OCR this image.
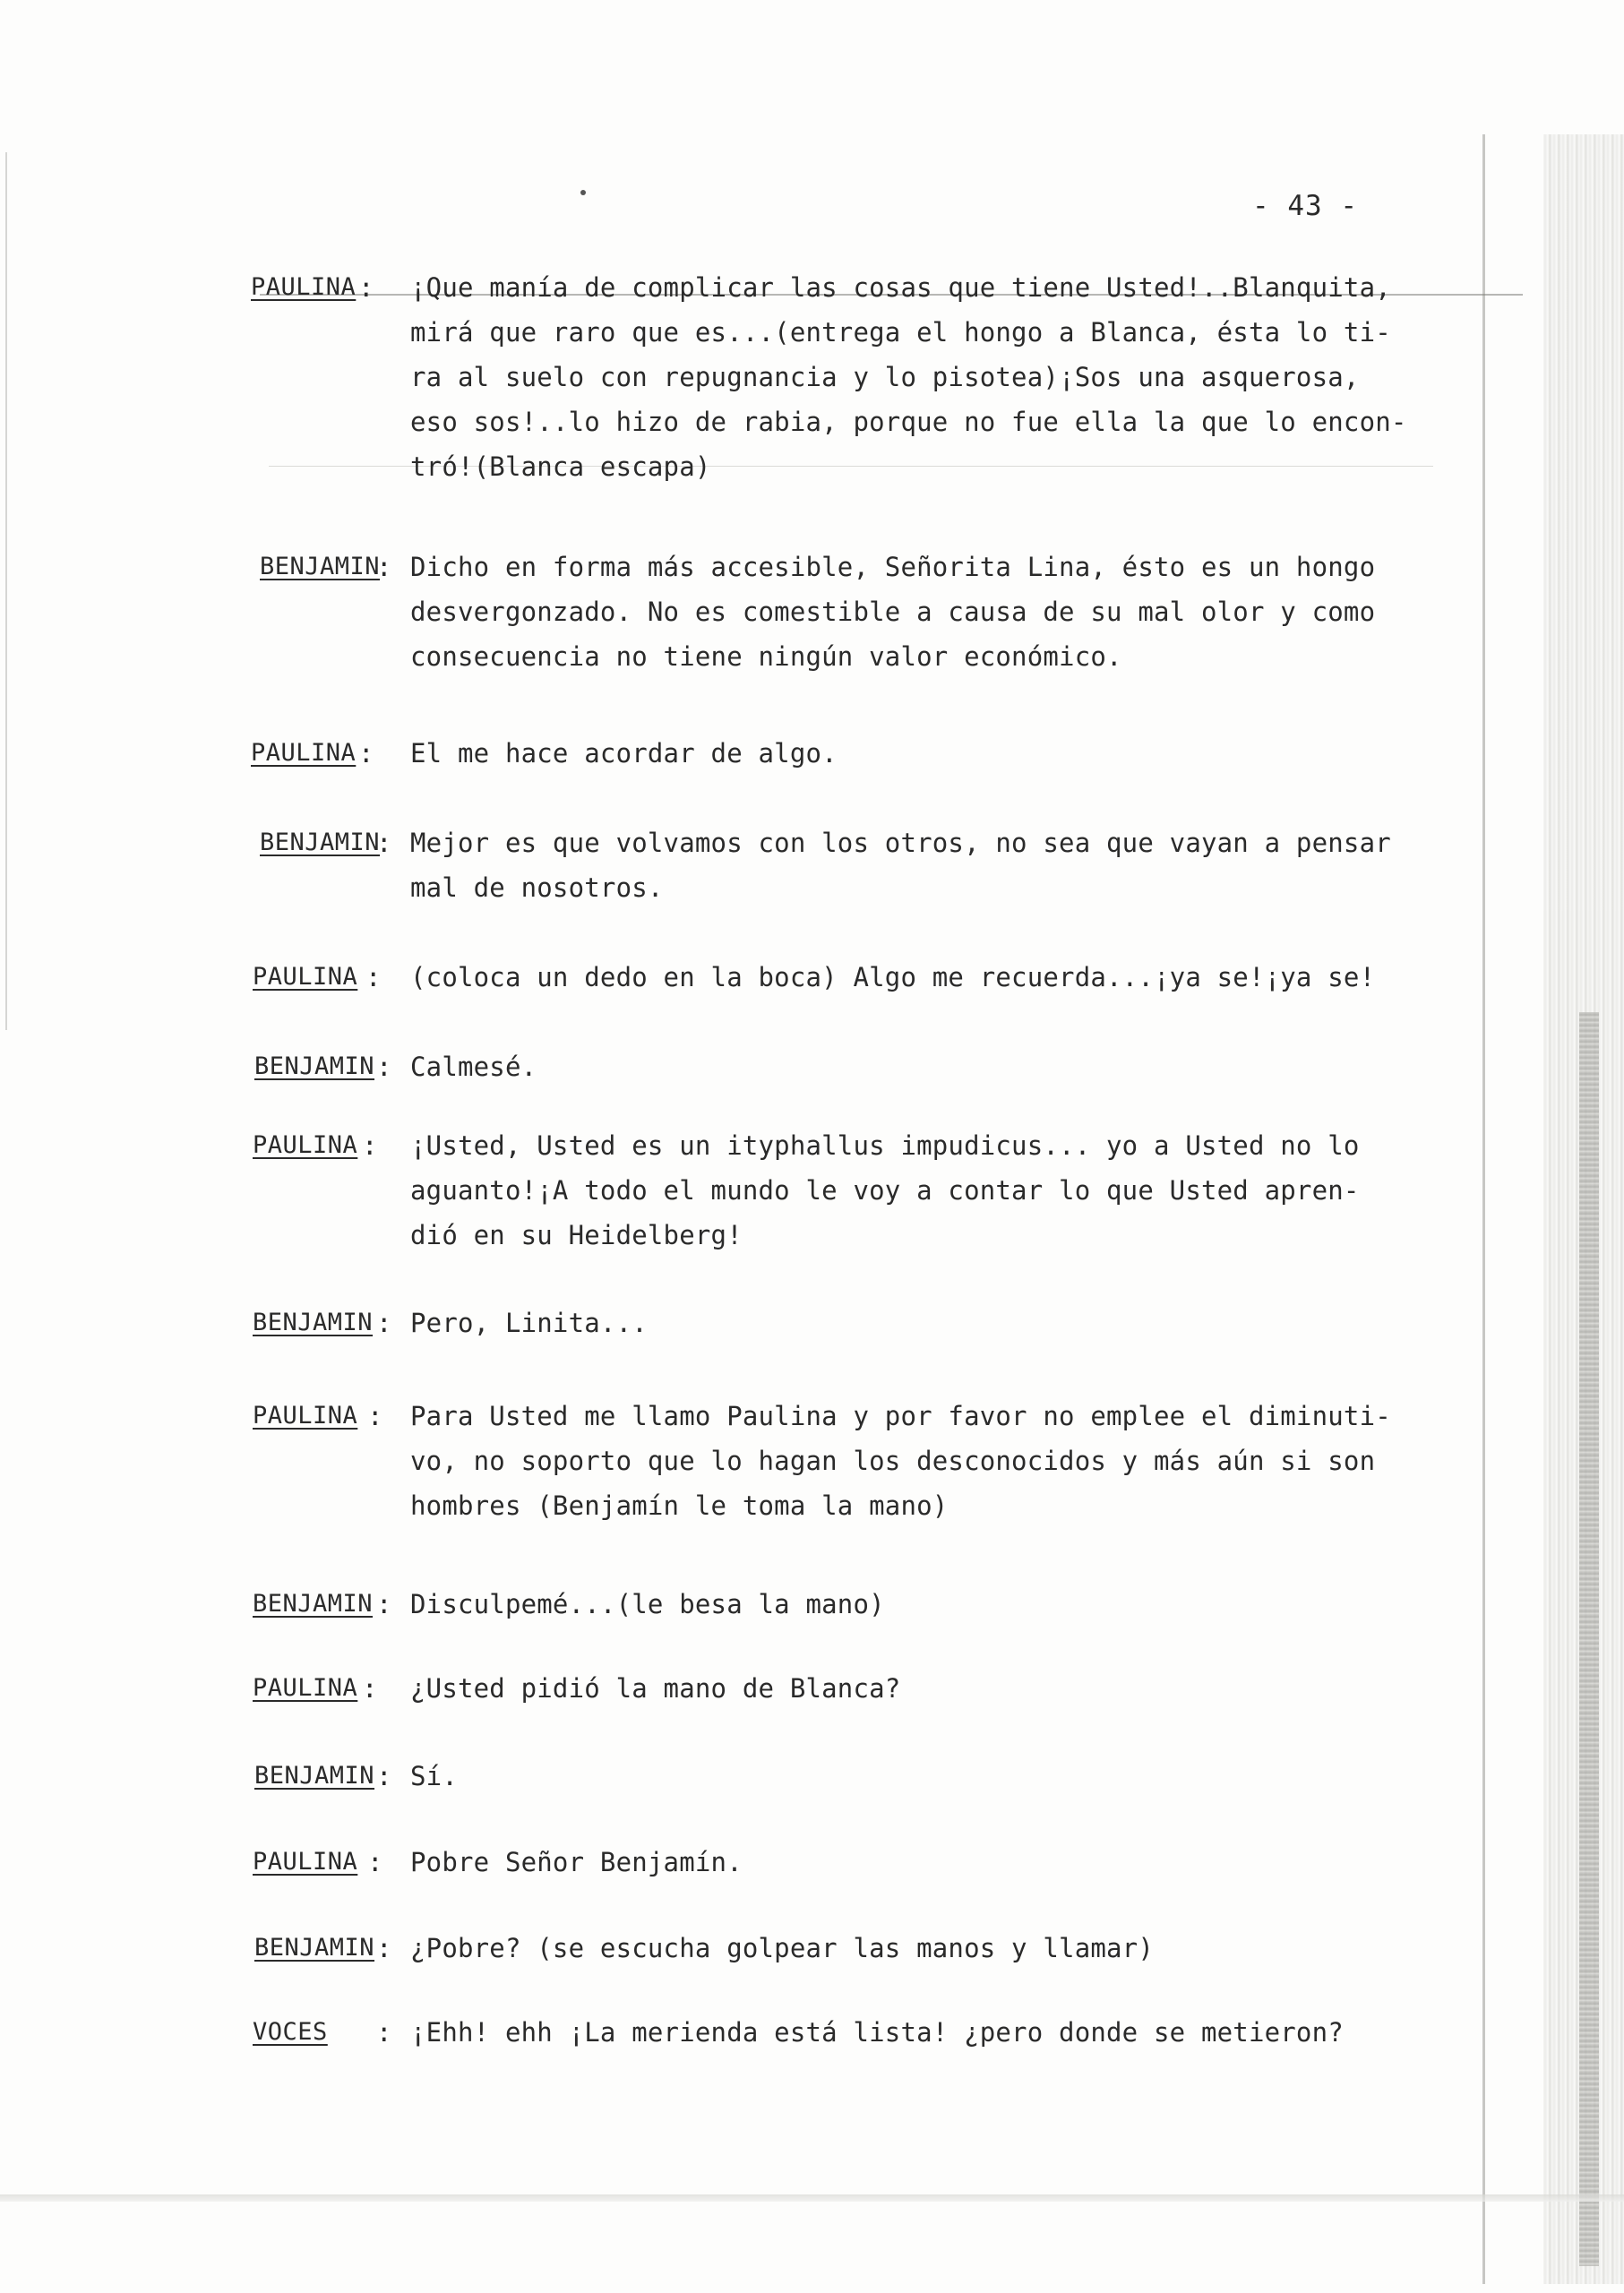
- 43 -
PAULINA : ¡Que manía de complicar las cosas que tiene Usted!..Blanquita,
mirá que raro que es...(entrega el hongo a Blanca, ésta lo ti-
ra al suelo con repugnancia y lo pisotea)¡Sos una asquerosa,
eso sos!..lo hizo de rabia, porque no fue ella la que lo encon-
tró!(Blanca escapa)
BENJAMIN
: Dicho en forma más accesible, Señorita Lina, ésto es un hongo
desvergonzado. No es comestible a causa de su mal olor y como
consecuencia no tiene ningún valor económico.
PAULINA : El me hace acordar de algo.
BENJAMIN
: Mejor es que volvamos con los otros, no sea que vayan a pensar
mal de nosotros.
PAULINA : (coloca un dedo en la boca) Algo me recuerda...¡ya se!¡ya se!
BENJAMIN : Calmesé.
PAULINA : ¡Usted, Usted es un ityphallus impudicus... yo a Usted no lo
aguanto!¡A todo el mundo le voy a contar lo que Usted apren-
dió en su Heidelberg!
BENJAMIN : Pero, Linita...
PAULINA : Para Usted me llamo Paulina y por favor no emplee el diminuti-
vo, no soporto que lo hagan los desconocidos y más aún si son
hombres (Benjamín le toma la mano)
BENJAMIN : Disculpemé...(le besa la mano)
PAULINA : ¿Usted pidió la mano de Blanca?
BENJAMIN : Sí.
PAULINA : Pobre Señor Benjamín.
BENJAMIN : ¿Pobre? (se escucha golpear las manos y llamar)
VOCES : ¡Ehh! ehh ¡La merienda está lista! ¿pero donde se metieron?
